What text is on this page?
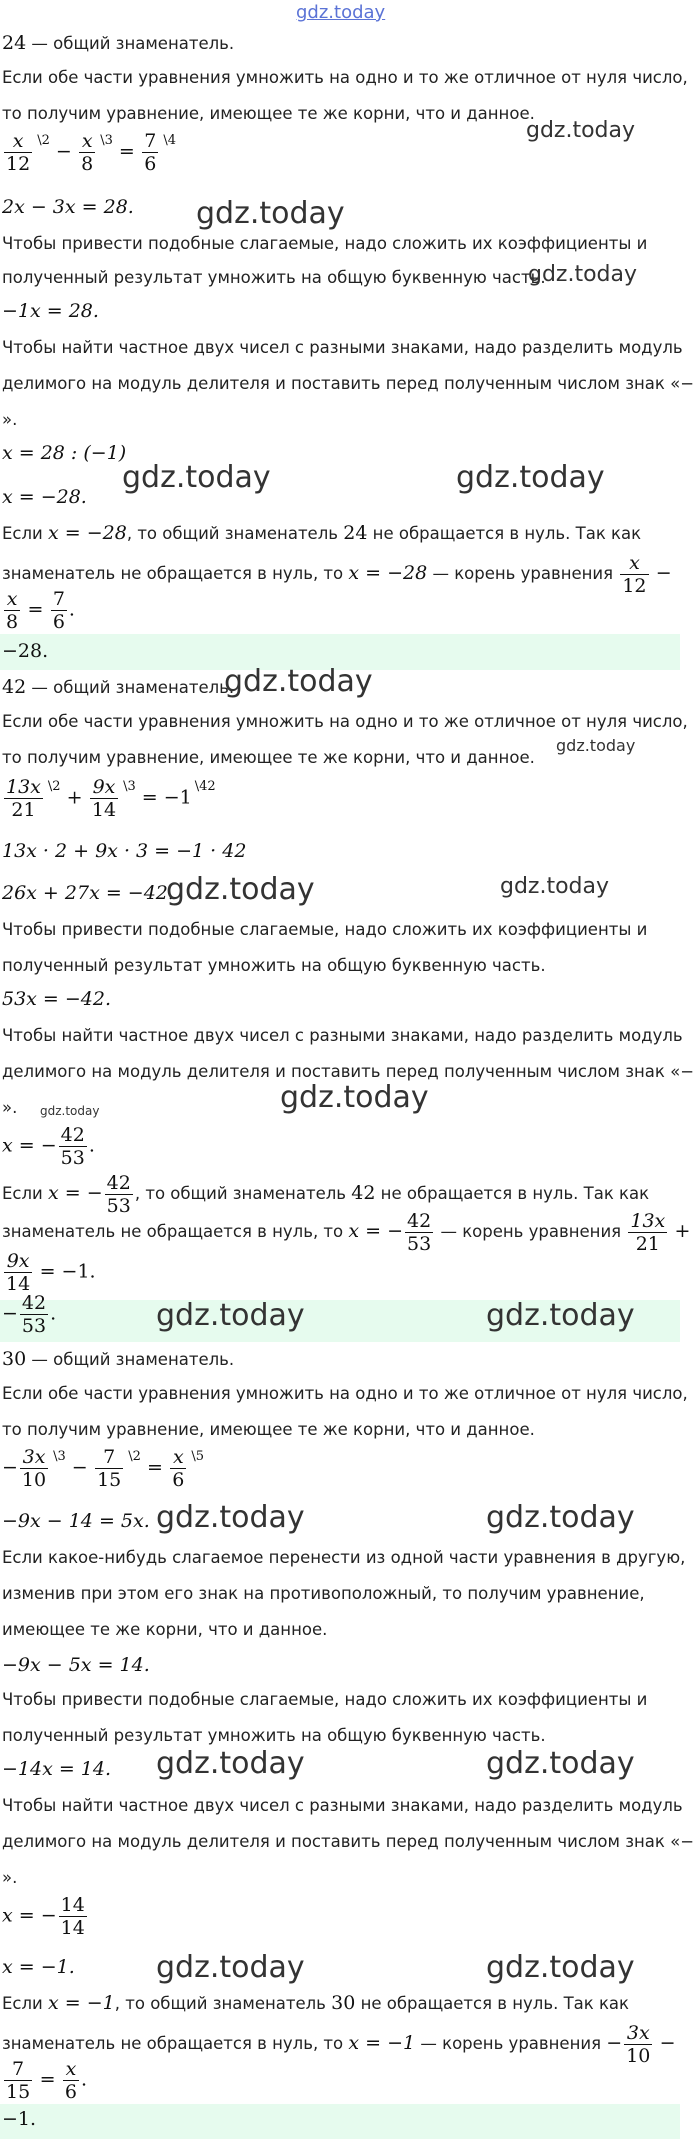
gdz.today
24 — общий знаменатель.
Если обе части уравнения умножить на одно и то же отличное от нуля число,
то получим уравнение, имеющее те же корни, что и данное.
$\frac{x}{12} ^{\backslash 2}- \frac{x}{8} ^{\backslash 3}= \frac{7}{6} ^{\backslash 4}$
2x − 3x = 28.
Чтобы привести подобные слагаемые, надо сложить их коэффициенты и
полученный результат умножить на общую буквенную часть.
−1x = 28.
Чтобы найти частное двух чисел с разными знаками, надо разделить модуль
делимого на модуль делителя и поставить перед полученным числом знак «−
».
x = 28 : (−1)
x = −28.
Если x = −28, то общий знаменатель 24 не обращается в нуль. Так как
знаменатель не обращается в нуль, то x = −28 — корень уравнения $\frac{x}{12}$ −
$\frac{x}{8} = \frac{7}{6}$ .
−28.
42 — общий знаменатель.
Если обе части уравнения умножить на одно и то же отличное от нуля число,
то получим уравнение, имеющее те же корни, что и данное.
$\frac{13x}{21} ^{\backslash 2}+ \frac{9x}{14} ^{\backslash 3}= -1^{\backslash 42}$
13x · 2 + 9x · 3 = −1 · 42
26x + 27x = −42.
Чтобы привести подобные слагаемые, надо сложить их коэффициенты и
полученный результат умножить на общую буквенную часть.
53x = −42.
Чтобы найти частное двух чисел с разными знаками, надо разделить модуль
делимого на модуль делителя и поставить перед полученным числом знак «−
».
x = − $\frac{42}{53}$ .
Если x = − $\frac{42}{53}$ , то общий знаменатель 42 не обращается в нуль. Так как
знаменатель не обращается в нуль, то x = − $\frac{42}{53}$ — корень уравнения $\frac{13x}{21}$ +
$\frac{9x}{14} = -1$.
− $\frac{42}{53}$ .
30 — общий знаменатель.
Если обе части уравнения умножить на одно и то же отличное от нуля число,
то получим уравнение, имеющее те же корни, что и данное.
− $\frac{3x}{10} ^{\backslash 3}- \frac{7}{15} ^{\backslash 2}= \frac{x}{6} ^{\backslash 5}$
−9x − 14 = 5x.
Если какое-нибудь слагаемое перенести из одной части уравнения в другую,
изменив при этом его знак на противоположный, то получим уравнение,
имеющее те же корни, что и данное.
−9x − 5x = 14.
Чтобы привести подобные слагаемые, надо сложить их коэффициенты и
полученный результат умножить на общую буквенную часть.
−14x = 14.
Чтобы найти частное двух чисел с разными знаками, надо разделить модуль
делимого на модуль делителя и поставить перед полученным числом знак «−
».
x = − $\frac{14}{14}$
x = −1.
Если x = −1, то общий знаменатель 30 не обращается в нуль. Так как
знаменатель не обращается в нуль, то x = −1 — корень уравнения − $\frac{3x}{10}$ −
$\frac{7}{15} = \frac{x}{6}$ .
−1.
gdz.today
gdz.today
gdz.today
gdz.today	gdz.today
gdz.today
gdz.today
gdz.today	gdz.today
gdz.today	gdz.today
gdz.today	gdz.today
gdz.today	gdz.today
gdz.today	gdz.today
gdz.today	gdz.today
